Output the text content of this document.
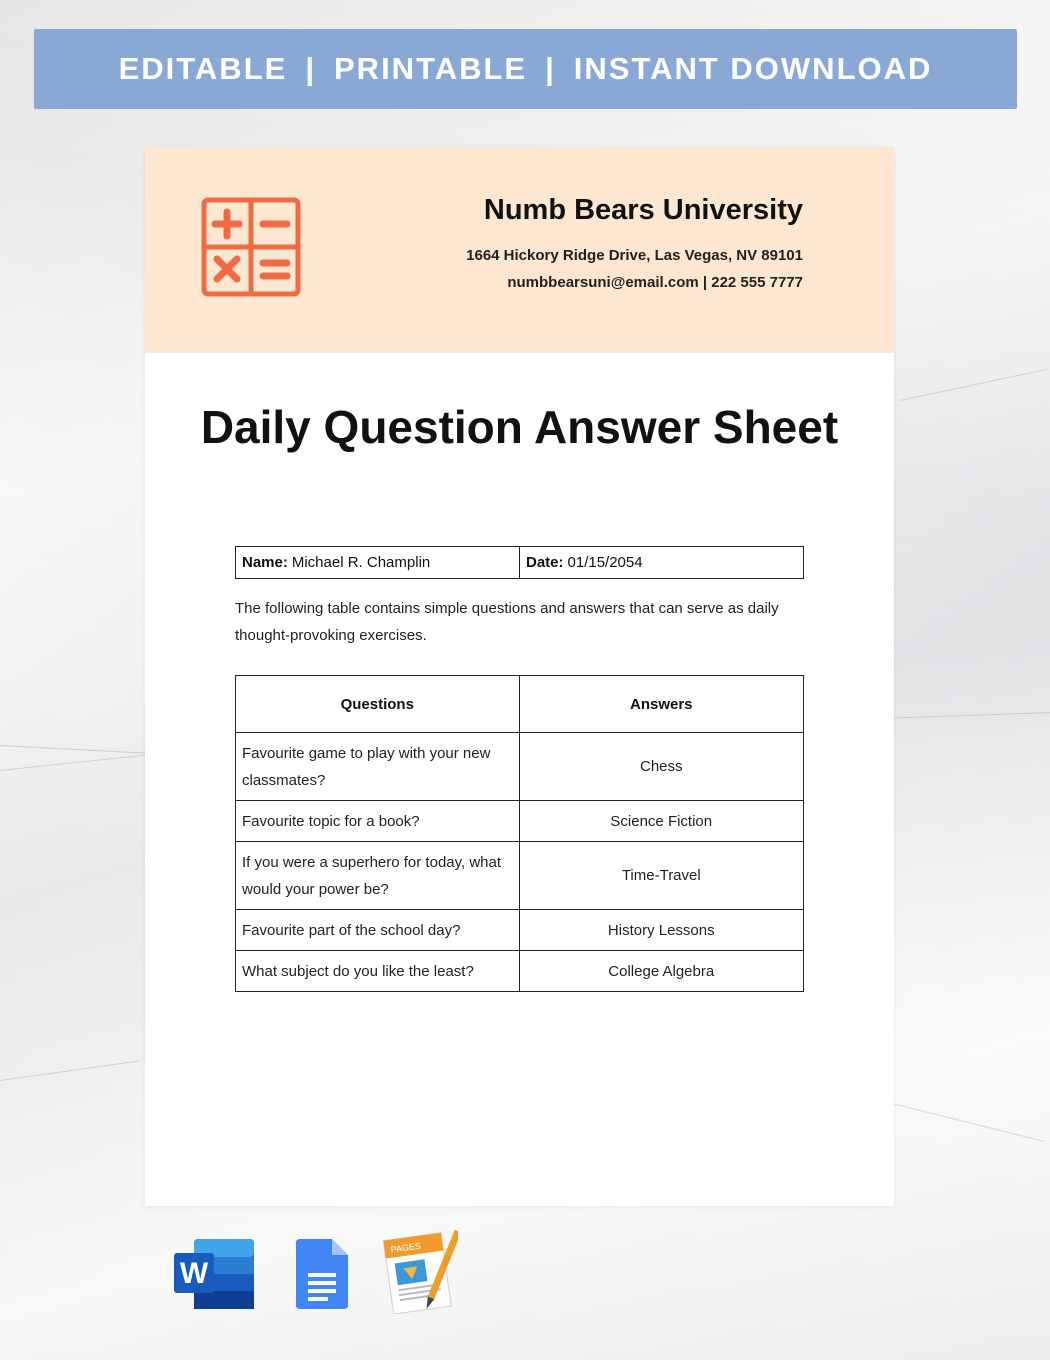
EDITABLE | PRINTABLE | INSTANT DOWNLOAD
Numb Bears University
1664 Hickory Ridge Drive, Las Vegas, NV 89101
numbbearsuni@email.com | 222 555 7777
Daily Question Answer Sheet
Name: Michael R. Champlin	Date: 01/15/2054

The following table contains simple questions and answers that can serve as daily thought-provoking exercises.

Questions	Answers
Favourite game to play with your new classmates?	Chess
Favourite topic for a book?	Science Fiction
If you were a superhero for today, what would your power be?	Time-Travel
Favourite part of the school day?	History Lessons
What subject do you like the least?	College Algebra
W
PAGES
